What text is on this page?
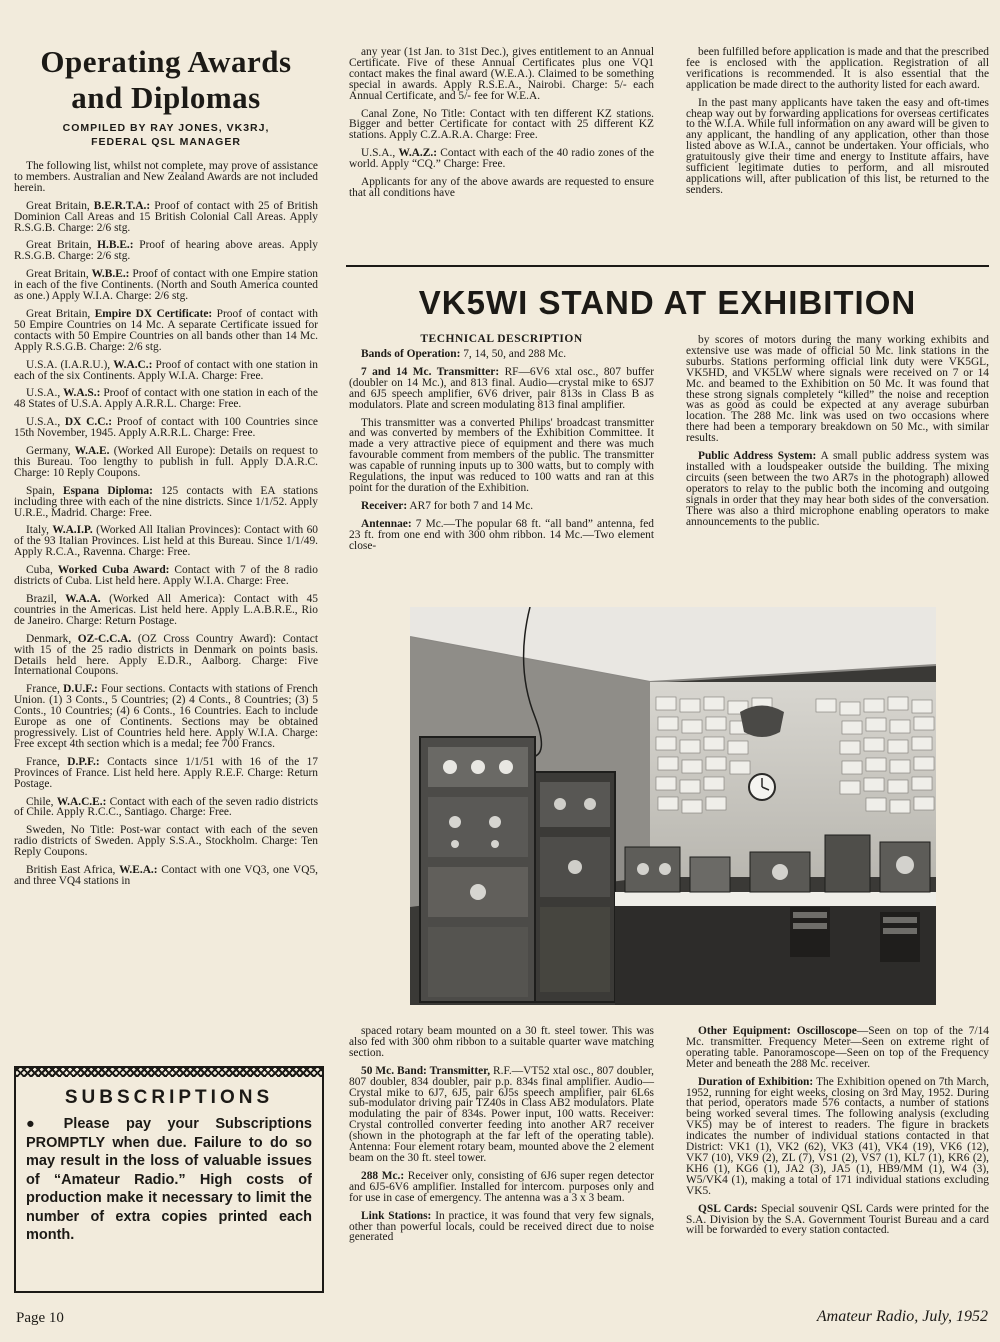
Operating Awards
and Diplomas
COMPILED BY RAY JONES, VK3RJ,
FEDERAL QSL MANAGER

The following list, whilst not complete, may prove of assistance to members. Australian and New Zealand Awards are not included herein.

Great Britain, B.E.R.T.A.: Proof of contact with 25 of British Dominion Call Areas and 15 British Colonial Call Areas. Apply R.S.G.B. Charge: 2/6 stg.

Great Britain, H.B.E.: Proof of hearing above areas. Apply R.S.G.B. Charge: 2/6 stg.

Great Britain, W.B.E.: Proof of contact with one Empire station in each of the five Continents. (North and South America counted as one.) Apply W.I.A. Charge: 2/6 stg.

Great Britain, Empire DX Certificate: Proof of contact with 50 Empire Countries on 14 Mc. A separate Certificate issued for contacts with 50 Empire Countries on all bands other than 14 Mc. Apply R.S.G.B. Charge: 2/6 stg.

U.S.A. (I.A.R.U.), W.A.C.: Proof of contact with one station in each of the six Continents. Apply W.I.A. Charge: Free.

U.S.A., W.A.S.: Proof of contact with one station in each of the 48 States of U.S.A. Apply A.R.R.L. Charge: Free.

U.S.A., DX C.C.: Proof of contact with 100 Countries since 15th November, 1945. Apply A.R.R.L. Charge: Free.

Germany, W.A.E. (Worked All Europe): Details on request to this Bureau. Too lengthy to publish in full. Apply D.A.R.C. Charge: 10 Reply Coupons.

Spain, Espana Diploma: 125 contacts with EA stations including three with each of the nine districts. Since 1/1/52. Apply U.R.E., Madrid. Charge: Free.

Italy, W.A.I.P. (Worked All Italian Provinces): Contact with 60 of the 93 Italian Provinces. List held at this Bureau. Since 1/1/49. Apply R.C.A., Ravenna. Charge: Free.

Cuba, Worked Cuba Award: Contact with 7 of the 8 radio districts of Cuba. List held here. Apply W.I.A. Charge: Free.

Brazil, W.A.A. (Worked All America): Contact with 45 countries in the Americas. List held here. Apply L.A.B.R.E., Rio de Janeiro. Charge: Return Postage.

Denmark, OZ-C.C.A. (OZ Cross Country Award): Contact with 15 of the 25 radio districts in Denmark on points basis. Details held here. Apply E.D.R., Aalborg. Charge: Five International Coupons.

France, D.U.F.: Four sections. Contacts with stations of French Union. (1) 3 Conts., 5 Countries; (2) 4 Conts., 8 Countries; (3) 5 Conts., 10 Countries; (4) 6 Conts., 16 Countries. Each to include Europe as one of Continents. Sections may be obtained progressively. List of Countries held here. Apply W.I.A. Charge: Free except 4th section which is a medal; fee 700 Francs.

France, D.P.F.: Contacts since 1/1/51 with 16 of the 17 Provinces of France. List held here. Apply R.E.F. Charge: Return Postage.

Chile, W.A.C.E.: Contact with each of the seven radio districts of Chile. Apply R.C.C., Santiago. Charge: Free.

Sweden, No Title: Post-war contact with each of the seven radio districts of Sweden. Apply S.S.A., Stockholm. Charge: Ten Reply Coupons.

British East Africa, W.E.A.: Contact with one VQ3, one VQ5, and three VQ4 stations in

any year (1st Jan. to 31st Dec.), gives entitlement to an Annual Certificate. Five of these Annual Certificates plus one VQ1 contact makes the final award (W.E.A.). Claimed to be something special in awards. Apply R.S.E.A., Nairobi. Charge: 5/- each Annual Certificate, and 5/- fee for W.E.A.

Canal Zone, No Title: Contact with ten different KZ stations. Bigger and better Certificate for contact with 25 different KZ stations. Apply C.Z.A.R.A. Charge: Free.

U.S.A., W.A.Z.: Contact with each of the 40 radio zones of the world. Apply “CQ.” Charge: Free.

Applicants for any of the above awards are requested to ensure that all conditions have

been fulfilled before application is made and that the prescribed fee is enclosed with the application. Registration of all verifications is recommended. It is also essential that the application be made direct to the authority listed for each award.

In the past many applicants have taken the easy and oft-times cheap way out by forwarding applications for overseas certificates to the W.I.A. While full information on any award will be given to any applicant, the handling of any application, other than those listed above as W.I.A., cannot be undertaken. Your officials, who gratuitously give their time and energy to Institute affairs, have sufficient legitimate duties to perform, and all misrouted applications will, after publication of this list, be returned to the senders.

VK5WI STAND AT EXHIBITION
TECHNICAL DESCRIPTION

Bands of Operation: 7, 14, 50, and 288 Mc.

7 and 14 Mc. Transmitter: RF—6V6 xtal osc., 807 buffer (doubler on 14 Mc.), and 813 final. Audio—crystal mike to 6SJ7 and 6J5 speech amplifier, 6V6 driver, pair 813s in Class B as modulators. Plate and screen modulating 813 final amplifier.

This transmitter was a converted Philips' broadcast transmitter and was converted by members of the Exhibition Committee. It made a very attractive piece of equipment and there was much favourable comment from members of the public. The transmitter was capable of running inputs up to 300 watts, but to comply with Regulations, the input was reduced to 100 watts and ran at this point for the duration of the Exhibition.

Receiver: AR7 for both 7 and 14 Mc.

Antennae: 7 Mc.—The popular 68 ft. “all band” antenna, fed 23 ft. from one end with 300 ohm ribbon. 14 Mc.—Two element close-

by scores of motors during the many working exhibits and extensive use was made of official 50 Mc. link stations in the suburbs. Stations performing official link duty were VK5GL, VK5HD, and VK5LW where signals were received on 7 or 14 Mc. and beamed to the Exhibition on 50 Mc. It was found that these strong signals completely “killed” the noise and reception was as good as could be expected at any average suburban location. The 288 Mc. link was used on two occasions where there had been a temporary breakdown on 50 Mc., with similar results.

Public Address System: A small public address system was installed with a loudspeaker outside the building. The mixing circuits (seen between the two AR7s in the photograph) allowed operators to relay to the public both the incoming and outgoing signals in order that they may hear both sides of the conversation. There was also a third microphone enabling operators to make announcements to the public.

spaced rotary beam mounted on a 30 ft. steel tower. This was also fed with 300 ohm ribbon to a suitable quarter wave matching section.

50 Mc. Band: Transmitter, R.F.—VT52 xtal osc., 807 doubler, 807 doubler, 834 doubler, pair p.p. 834s final amplifier. Audio—Crystal mike to 6J7, 6J5, pair 6J5s speech amplifier, pair 6L6s sub-modulator driving pair TZ40s in Class AB2 modulators. Plate modulating the pair of 834s. Power input, 100 watts. Receiver: Crystal controlled converter feeding into another AR7 receiver (shown in the photograph at the far left of the operating table). Antenna: Four element rotary beam, mounted above the 2 element beam on the 30 ft. steel tower.

288 Mc.: Receiver only, consisting of 6J6 super regen detector and 6J5-6V6 amplifier. Installed for intercom. purposes only and for use in case of emergency. The antenna was a 3 x 3 beam.

Link Stations: In practice, it was found that very few signals, other than powerful locals, could be received direct due to noise generated

Other Equipment: Oscilloscope—Seen on top of the 7/14 Mc. transmitter. Frequency Meter—Seen on extreme right of operating table. Panoramoscope—Seen on top of the Frequency Meter and beneath the 288 Mc. receiver.

Duration of Exhibition: The Exhibition opened on 7th March, 1952, running for eight weeks, closing on 3rd May, 1952. During that period, operators made 576 contacts, a number of stations being worked several times. The following analysis (excluding VK5) may be of interest to readers. The figure in brackets indicates the number of individual stations contacted in that District: VK1 (1), VK2 (62), VK3 (41), VK4 (19), VK6 (12), VK7 (10), VK9 (2), ZL (7), VS1 (2), VS7 (1), KL7 (1), KR6 (2), KH6 (1), KG6 (1), JA2 (3), JA5 (1), HB9/MM (1), W4 (3), W5/VK4 (1), making a total of 171 individual stations excluding VK5.

QSL Cards: Special souvenir QSL Cards were printed for the S.A. Division by the S.A. Government Tourist Bureau and a card will be forwarded to every station contacted.

SUBSCRIPTIONS
● Please pay your Subscriptions PROMPTLY when due. Failure to do so may result in the loss of valuable issues of “Amateur Radio.” High costs of production make it necessary to limit the number of extra copies printed each month.
Page 10	Amateur Radio, July, 1952
